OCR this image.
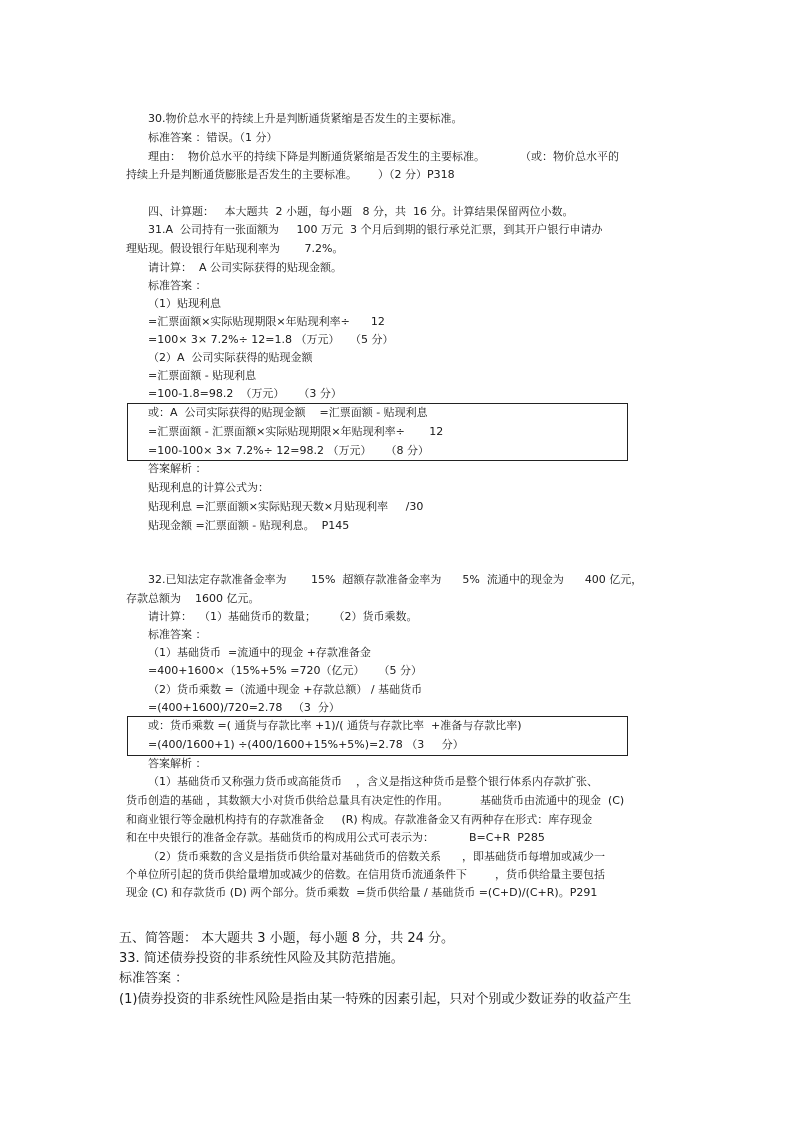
30.物价总水平的持续上升是判断通货紧缩是否发生的主要标准。
标准答案 ：错误。（1 分）
理由：  物价总水平的持续下降是判断通货紧缩是否发生的主要标准。          （或：物价总水平的
持续上升是判断通货膨胀是否发生的主要标准。      ）（2 分）P318
四、计算题：   本大题共  2 小题，每小题   8 分，共  16 分。计算结果保留两位小数。
31.A  公司持有一张面额为     100 万元  3 个月后到期的银行承兑汇票，到其开户银行申请办
理贴现。假设银行年贴现利率为       7.2%。
请计算：  A 公司实际获得的贴现金额。
标准答案 ：
（1）贴现利息
=汇票面额×实际贴现期限×年贴现利率÷      12
=100× 3× 7.2%÷ 12=1.8 （万元）   （5 分）
（2）A  公司实际获得的贴现金额
=汇票面额 - 贴现利息
=100-1.8=98.2  （万元）    （3 分）
或：A  公司实际获得的贴现金额    =汇票面额 - 贴现利息
=汇票面额 - 汇票面额×实际贴现期限×年贴现利率÷       12
=100-100× 3× 7.2%÷ 12=98.2 （万元）    （8 分）
答案解析 ：
贴现利息的计算公式为：
贴现利息 =汇票面额×实际贴现天数×月贴现利率     /30
贴现金额 =汇票面额 - 贴现利息。  P145
32.已知法定存款准备金率为       15%  超额存款准备金率为      5%  流通中的现金为      400 亿元，
存款总额为    1600 亿元。
请计算：  （1）基础货币的数量；     （2）货币乘数。
标准答案 ：
（1）基础货币  =流通中的现金 +存款准备金
=400+1600×（15%+5% =720（亿元）    （5 分）
（2）货币乘数 =（流通中现金 +存款总额） / 基础货币
=(400+1600)/720=2.78   （3  分）
或：货币乘数 =( 通货与存款比率 +1)/( 通货与存款比率  +准备与存款比率)
=(400/1600+1) ÷(400/1600+15%+5%)=2.78 （3     分）
答案解析 ：
（1）基础货币又称强力货币或高能货币    ，含义是指这种货币是整个银行体系内存款扩张、
货币创造的基础 ，其数额大小对货币供给总量具有决定性的作用。         基础货币由流通中的现金  (C)
和商业银行等金融机构持有的存款准备金     (R) 构成。存款准备金又有两种存在形式：库存现金
和在中央银行的准备金存款。基础货币的构成用公式可表示为：          B=C+R  P285
（2）货币乘数的含义是指货币供给量对基础货币的倍数关系      ，即基础货币每增加或减少一
个单位所引起的货币供给量增加或减少的倍数。在信用货币流通条件下        ，货币供给量主要包括
现金 (C) 和存款货币 (D) 两个部分。货币乘数  =货币供给量 / 基础货币 =(C+D)/(C+R)。P291
五、简答题： 本大题共 3 小题，每小题 8 分，共 24 分。
33. 简述债券投资的非系统性风险及其防范措施。
标准答案 ：
(1)债券投资的非系统性风险是指由某一特殊的因素引起，只对个别或少数证券的收益产生
